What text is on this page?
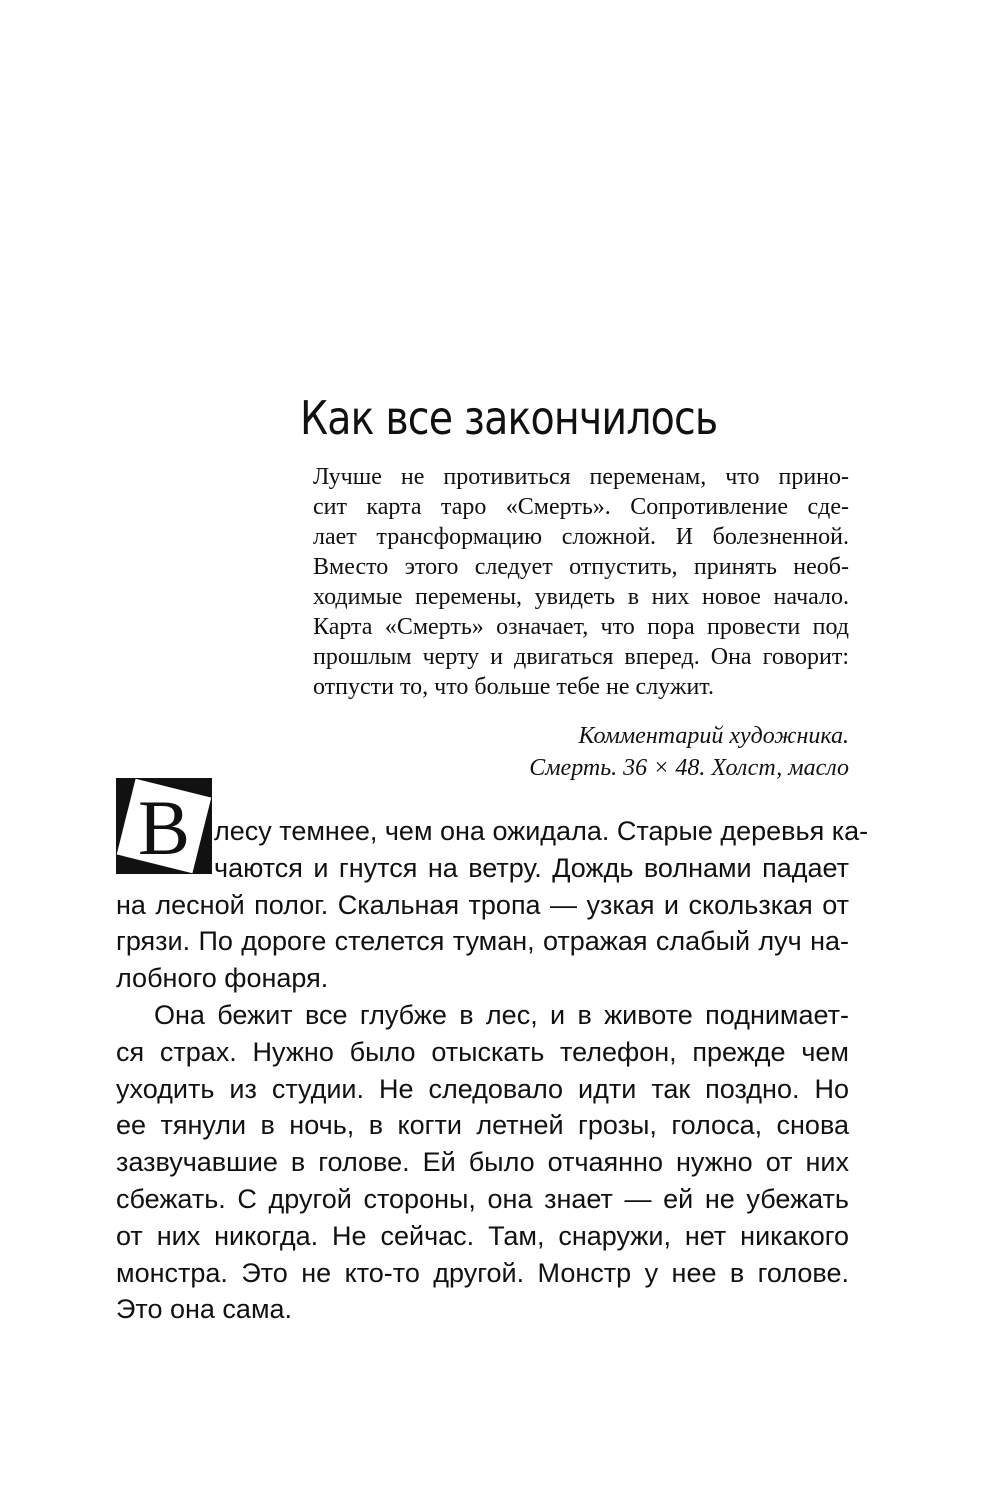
Как все закончилось
Лучше не противиться переменам, что прино-
сит карта таро «Смерть». Сопротивление сде-
лает трансформацию сложной. И болезненной.
Вместо этого следует отпустить, принять необ-
ходимые перемены, увидеть в них новое начало.
Карта «Смерть» означает, что пора провести под
прошлым черту и двигаться вперед. Она говорит:
отпусти то, что больше тебе не служит.
Комментарий художника.
Смерть. 36 × 48. Холст, масло
В лесу темнее, чем она ожидала. Старые деревья ка-
чаются и гнутся на ветру. Дождь волнами падает
на лесной полог. Скальная тропа — узкая и скользкая от
грязи. По дороге стелется туман, отражая слабый луч на-
лобного фонаря.
Она бежит все глубже в лес, и в животе поднимает-
ся страх. Нужно было отыскать телефон, прежде чем
уходить из студии. Не следовало идти так поздно. Но
ее тянули в ночь, в когти летней грозы, голоса, снова
зазвучавшие в голове. Ей было отчаянно нужно от них
сбежать. С другой стороны, она знает — ей не убежать
от них никогда. Не сейчас. Там, снаружи, нет никакого
монстра. Это не кто-то другой. Монстр у нее в голове.
Это она сама.
